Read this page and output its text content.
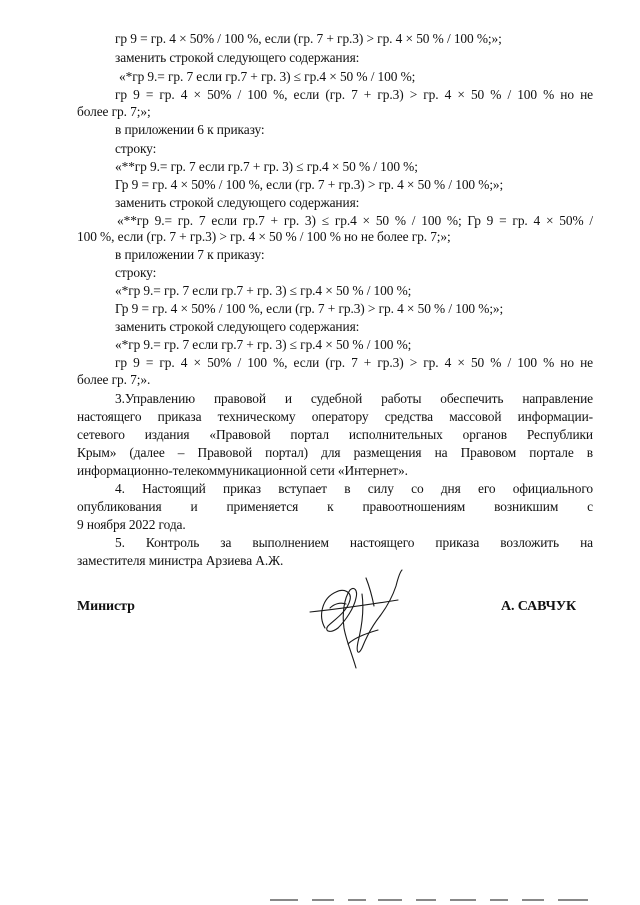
гр 9 = гр. 4 × 50% / 100 %, если (гр. 7 + гр.3) > гр. 4 × 50 % / 100 %;»;
заменить строкой следующего содержания:
«*гр 9.= гр. 7 если гр.7 + гр. 3) ≤ гр.4 × 50 % / 100 %;
гр 9 = гр. 4 × 50% / 100 %, если (гр. 7 + гр.3) > гр. 4 × 50 % / 100 % но не
более гр. 7;»;
в приложении 6 к приказу:
строку:
«**гр 9.= гр. 7 если гр.7 + гр. 3) ≤ гр.4 × 50 % / 100 %;
Гр 9 = гр. 4 × 50% / 100 %, если (гр. 7 + гр.3) > гр. 4 × 50 % / 100 %;»;
заменить строкой следующего содержания:
«**гр 9.= гр. 7 если гр.7 + гр. 3) ≤ гр.4 × 50 % / 100 %; Гр 9 = гр. 4 × 50% /
100 %, если (гр. 7 + гр.3) > гр. 4 × 50 % / 100 % но не более гр. 7;»;
в приложении 7 к приказу:
строку:
«*гр 9.= гр. 7 если гр.7 + гр. 3) ≤ гр.4 × 50 % / 100 %;
Гр 9 = гр. 4 × 50% / 100 %, если (гр. 7 + гр.3) > гр. 4 × 50 % / 100 %;»;
заменить строкой следующего содержания:
«*гр 9.= гр. 7 если гр.7 + гр. 3) ≤ гр.4 × 50 % / 100 %;
гр 9 = гр. 4 × 50% / 100 %, если (гр. 7 + гр.3) > гр. 4 × 50 % / 100 % но не
более гр. 7;».
3.Управлению правовой и судебной работы обеспечить направление
настоящего приказа техническому оператору средства массовой информации-
сетевого издания «Правовой портал исполнительных органов Республики
Крым» (далее – Правовой портал) для размещения на Правовом портале в
информационно-телекоммуникационной сети «Интернет».
4. Настоящий приказ вступает в силу со дня его официального
опубликования и применяется к правоотношениям возникшим с
9 ноября 2022 года.
5. Контроль за выполнением настоящего приказа возложить на
заместителя министра Арзиева А.Ж.
Министр	А. САВЧУК
